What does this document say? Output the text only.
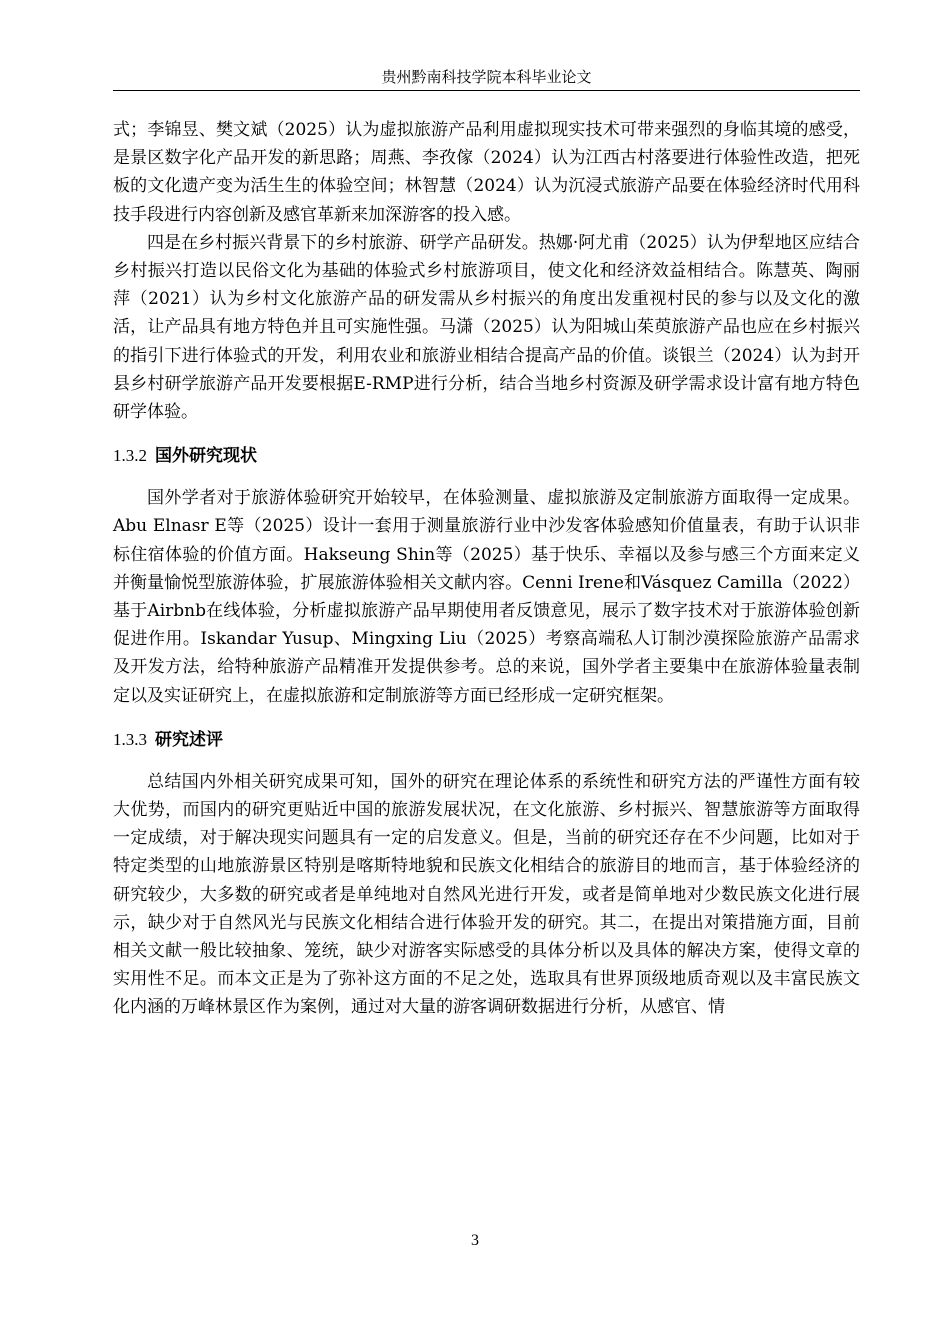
贵州黔南科技学院本科毕业论文

式；李锦昱、樊文斌（2025）认为虚拟旅游产品利用虚拟现实技术可带来强烈的身临其境的感受，是景区数字化产品开发的新思路；周燕、李孜傢（2024）认为江西古村落要进行体验性改造，把死板的文化遗产变为活生生的体验空间；林智慧（2024）认为沉浸式旅游产品要在体验经济时代用科技手段进行内容创新及感官革新来加深游客的投入感。

四是在乡村振兴背景下的乡村旅游、研学产品研发。热娜·阿尤甫（2025）认为伊犁地区应结合乡村振兴打造以民俗文化为基础的体验式乡村旅游项目，使文化和经济效益相结合。陈慧英、陶丽萍（2021）认为乡村文化旅游产品的研发需从乡村振兴的角度出发重视村民的参与以及文化的激活，让产品具有地方特色并且可实施性强。马潇（2025）认为阳城山茱萸旅游产品也应在乡村振兴的指引下进行体验式的开发，利用农业和旅游业相结合提高产品的价值。谈银兰（2024）认为封开县乡村研学旅游产品开发要根据E-RMP进行分析，结合当地乡村资源及研学需求设计富有地方特色研学体验。

1.3.2 国外研究现状

国外学者对于旅游体验研究开始较早，在体验测量、虚拟旅游及定制旅游方面取得一定成果。Abu Elnasr E等（2025）设计一套用于测量旅游行业中沙发客体验感知价值量表，有助于认识非标住宿体验的价值方面。Hakseung Shin等（2025）基于快乐、幸福以及参与感三个方面来定义并衡量愉悦型旅游体验，扩展旅游体验相关文献内容。Cenni Irene和Vásquez Camilla（2022）基于Airbnb在线体验，分析虚拟旅游产品早期使用者反馈意见，展示了数字技术对于旅游体验创新促进作用。Iskandar Yusup、Mingxing Liu（2025）考察高端私人订制沙漠探险旅游产品需求及开发方法，给特种旅游产品精准开发提供参考。总的来说，国外学者主要集中在旅游体验量表制定以及实证研究上，在虚拟旅游和定制旅游等方面已经形成一定研究框架。

1.3.3 研究述评

总结国内外相关研究成果可知，国外的研究在理论体系的系统性和研究方法的严谨性方面有较大优势，而国内的研究更贴近中国的旅游发展状况，在文化旅游、乡村振兴、智慧旅游等方面取得一定成绩，对于解决现实问题具有一定的启发意义。但是，当前的研究还存在不少问题，比如对于特定类型的山地旅游景区特别是喀斯特地貌和民族文化相结合的旅游目的地而言，基于体验经济的研究较少，大多数的研究或者是单纯地对自然风光进行开发，或者是简单地对少数民族文化进行展示，缺少对于自然风光与民族文化相结合进行体验开发的研究。其二，在提出对策措施方面，目前相关文献一般比较抽象、笼统，缺少对游客实际感受的具体分析以及具体的解决方案，使得文章的实用性不足。而本文正是为了弥补这方面的不足之处，选取具有世界顶级地质奇观以及丰富民族文化内涵的万峰林景区作为案例，通过对大量的游客调研数据进行分析，从感官、情

3
